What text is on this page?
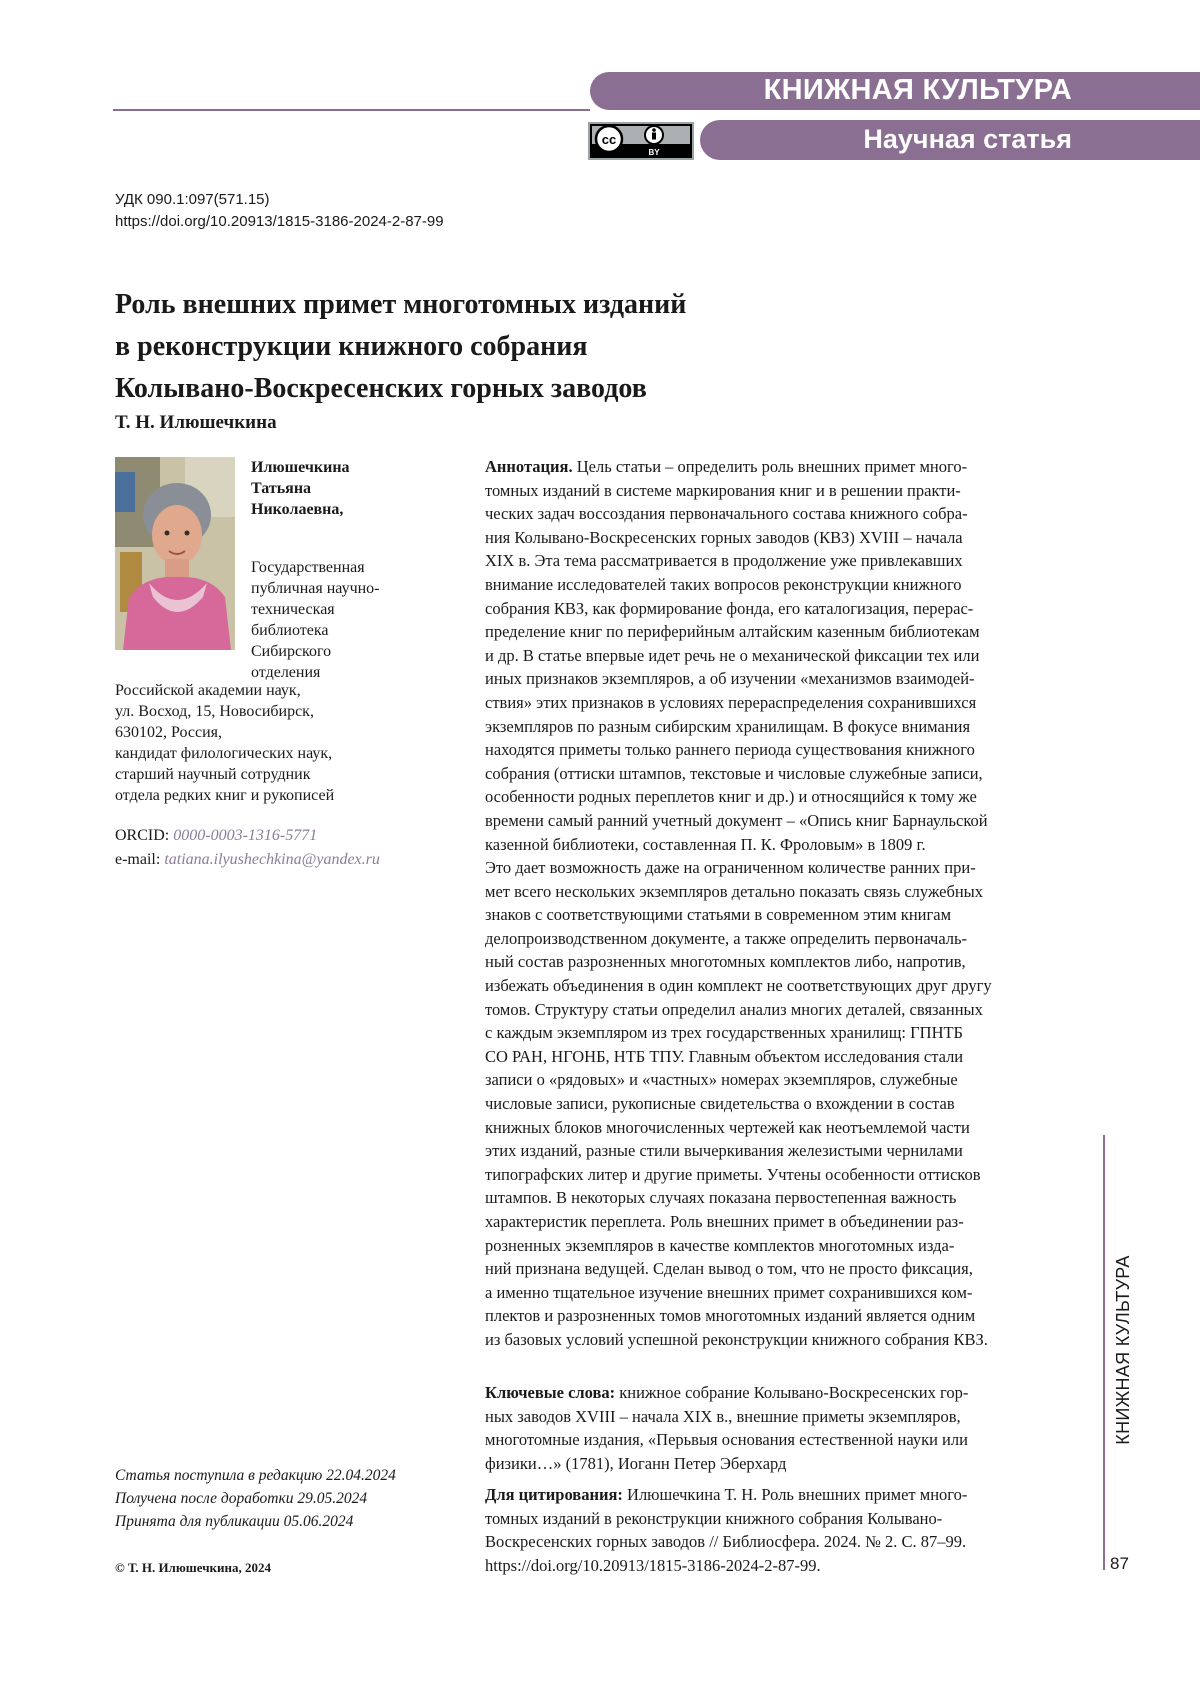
КНИЖНАЯ КУЛЬТУРА
Научная статья
cc
BY
УДК 090.1:097(571.15)
https://doi.org/10.20913/1815-3186-2024-2-87-99
Роль внешних примет многотомных изданий
в реконструкции книжного собрания
Колывано-Воскресенских горных заводов
Т. Н. Илюшечкина
Илюшечкина
Татьяна
Николаевна,
Государственная
публичная научно-
техническая
библиотека
Сибирского
отделения
Российской академии наук,
ул. Восход, 15, Новосибирск,
630102, Россия,
кандидат филологических наук,
старший научный сотрудник
отдела редких книг и рукописей
ORCID: 0000-0003-1316-5771
e-mail: tatiana.ilyushechkina@yandex.ru
Статья поступила в редакцию 22.04.2024
Получена после доработки 29.05.2024
Принята для публикации 05.06.2024
© Т. Н. Илюшечкина, 2024
Аннотация. Цель статьи – определить роль внешних примет много-
томных изданий в системе маркирования книг и в решении практи-
ческих задач воссоздания первоначального состава книжного собра-
ния Колывано-Воскресенских горных заводов (КВЗ) XVIII – начала
XIX в. Эта тема рассматривается в продолжение уже привлекавших
внимание исследователей таких вопросов реконструкции книжного
собрания КВЗ, как формирование фонда, его каталогизация, перерас-
пределение книг по периферийным алтайским казенным библиотекам
и др. В статье впервые идет речь не о механической фиксации тех или
иных признаков экземпляров, а об изучении «механизмов взаимодей-
ствия» этих признаков в условиях перераспределения сохранившихся
экземпляров по разным сибирским хранилищам. В фокусе внимания
находятся приметы только раннего периода существования книжного
собрания (оттиски штампов, текстовые и числовые служебные записи,
особенности родных переплетов книг и др.) и относящийся к тому же
времени самый ранний учетный документ – «Опись книг Барнаульской
казенной библиотеки, составленная П. К. Фроловым» в 1809 г.
Это дает возможность даже на ограниченном количестве ранних при-
мет всего нескольких экземпляров детально показать связь служебных
знаков с соответствующими статьями в современном этим книгам
делопроизводственном документе, а также определить первоначаль-
ный состав разрозненных многотомных комплектов либо, напротив,
избежать объединения в один комплект не соответствующих друг другу
томов. Структуру статьи определил анализ многих деталей, связанных
с каждым экземпляром из трех государственных хранилищ: ГПНТБ
СО РАН, НГОНБ, НТБ ТПУ. Главным объектом исследования стали
записи о «рядовых» и «частных» номерах экземпляров, служебные
числовые записи, рукописные свидетельства о вхождении в состав
книжных блоков многочисленных чертежей как неотъемлемой части
этих изданий, разные стили вычеркивания железистыми чернилами
типографских литер и другие приметы. Учтены особенности оттисков
штампов. В некоторых случаях показана первостепенная важность
характеристик переплета. Роль внешних примет в объединении раз-
розненных экземпляров в качестве комплектов многотомных изда-
ний признана ведущей. Сделан вывод о том, что не просто фиксация,
а именно тщательное изучение внешних примет сохранившихся ком-
плектов и разрозненных томов многотомных изданий является одним
из базовых условий успешной реконструкции книжного собрания КВЗ.
Ключевые слова: книжное собрание Колывано-Воскресенских гор-
ных заводов XVIII – начала XIX в., внешние приметы экземпляров,
многотомные издания, «Перьвыя основания естественной науки или
физики…» (1781), Иоганн Петер Эберхард
Для цитирования: Илюшечкина Т. Н. Роль внешних примет много-
томных изданий в реконструкции книжного собрания Колывано-
Воскресенских горных заводов // Библиосфера. 2024. № 2. С. 87–99.
https://doi.org/10.20913/1815-3186-2024-2-87-99.
КНИЖНАЯ КУЛЬТУРА
87
